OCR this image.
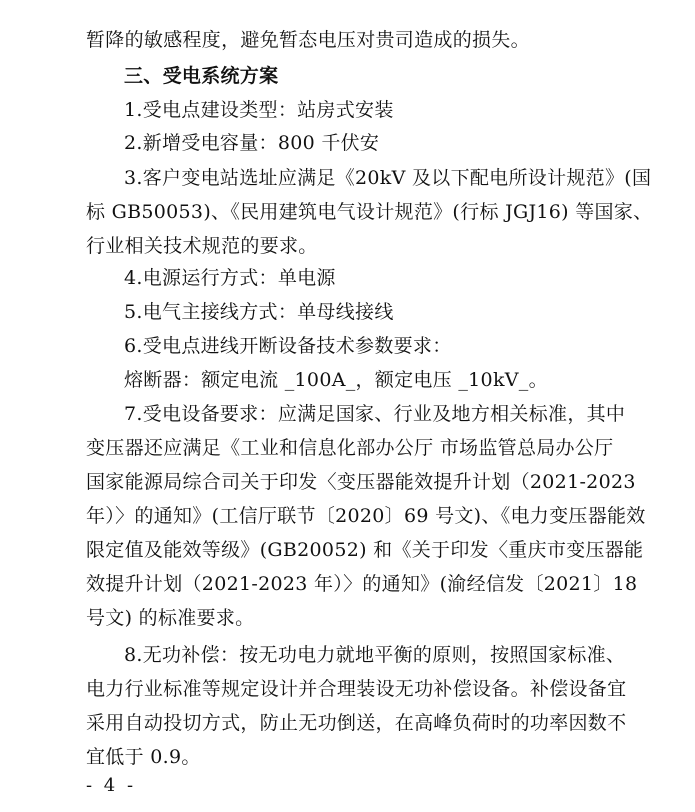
暂降的敏感程度，避免暂态电压对贵司造成的损失。
三、受电系统方案
1.受电点建设类型：站房式安装
2.新增受电容量：800 千伏安
3.客户变电站选址应满足《20kV 及以下配电所设计规范》(国
标 GB50053)、《民用建筑电气设计规范》(行标 JGJ16) 等国家、
行业相关技术规范的要求。
4.电源运行方式：单电源
5.电气主接线方式：单母线接线
6.受电点进线开断设备技术参数要求：
熔断器：额定电流 _100A_，额定电压 _10kV_。
7.受电设备要求：应满足国家、行业及地方相关标准，其中
变压器还应满足《工业和信息化部办公厅 市场监管总局办公厅
国家能源局综合司关于印发〈变压器能效提升计划（2021-2023
年）〉的通知》(工信厅联节〔2020〕69 号文)、《电力变压器能效
限定值及能效等级》(GB20052) 和《关于印发〈重庆市变压器能
效提升计划（2021-2023 年）〉的通知》(渝经信发〔2021〕18
号文) 的标准要求。
8.无功补偿：按无功电力就地平衡的原则，按照国家标准、
电力行业标准等规定设计并合理装设无功补偿设备。补偿设备宜
采用自动投切方式，防止无功倒送，在高峰负荷时的功率因数不
宜低于 0.9。
- 4 -
